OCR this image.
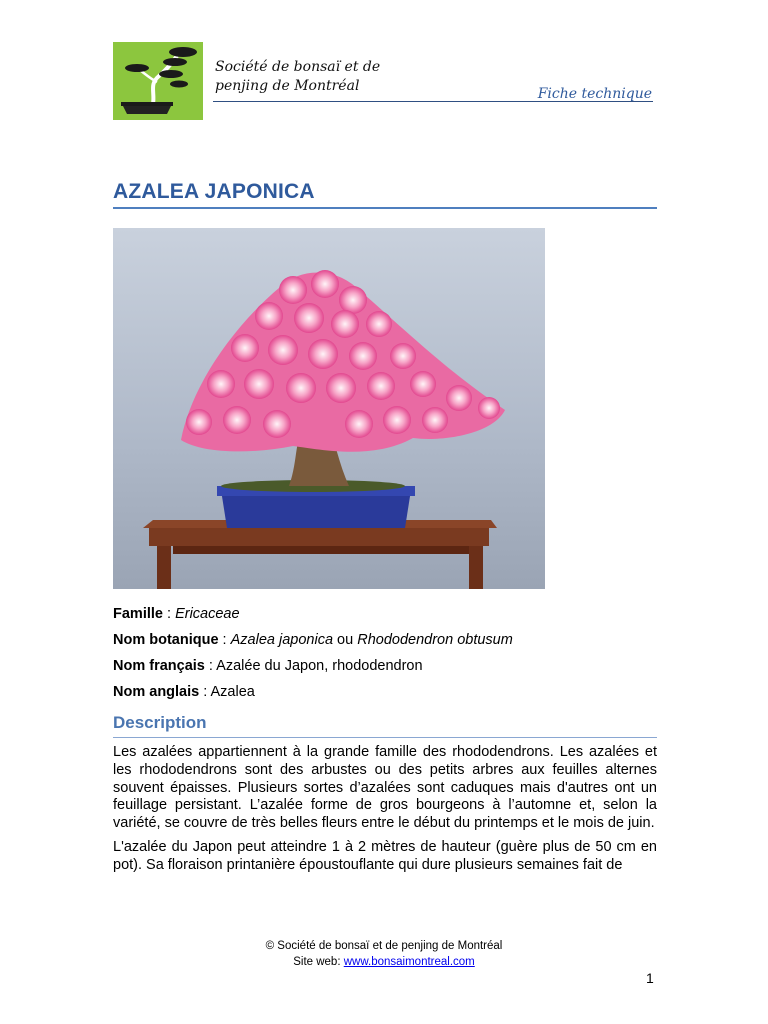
Société de bonsaï et de
penjing de Montréal	Fiche technique
AZALEA JAPONICA
Famille : Ericaceae
Nom botanique : Azalea japonica ou Rhododendron obtusum
Nom français : Azalée du Japon, rhododendron
Nom anglais : Azalea
Description

Les azalées appartiennent à la grande famille des rhododendrons. Les azalées et les rhododendrons sont des arbustes ou des petits arbres aux feuilles alternes souvent épaisses. Plusieurs sortes d’azalées sont caduques mais d'autres ont un feuillage persistant. L’azalée forme de gros bourgeons à l’automne et, selon la variété, se couvre de très belles fleurs entre le début du printemps et le mois de juin.

L'azalée du Japon peut atteindre 1 à 2 mètres de hauteur (guère plus de 50 cm en pot). Sa floraison printanière époustouflante qui dure plusieurs semaines fait de

© Société de bonsaï et de penjing de Montréal
Site web: www.bonsaimontreal.com
1
